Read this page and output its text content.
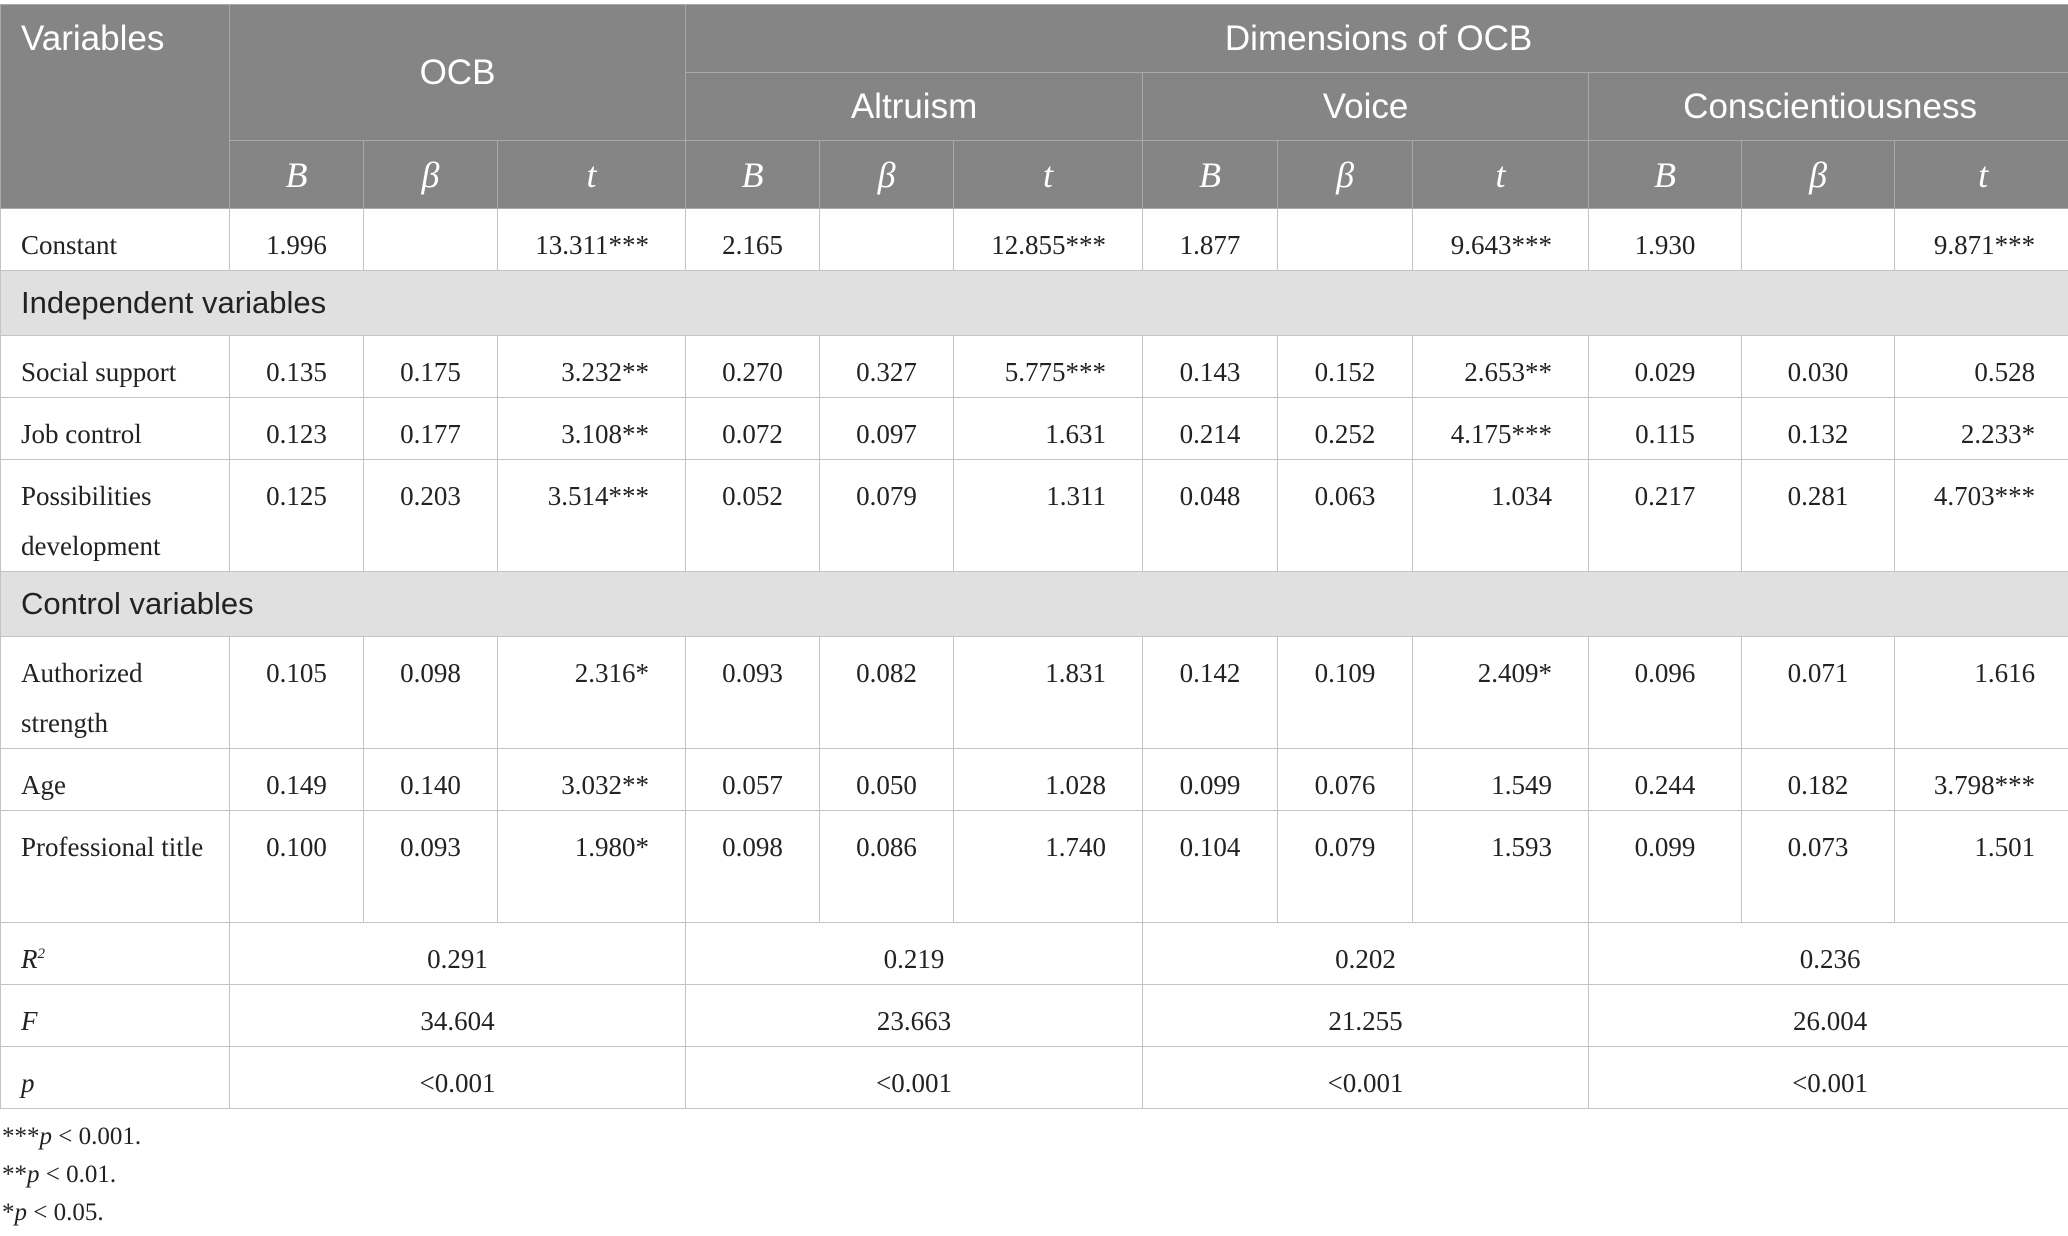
Variables	OCB			Dimensions of OCB								
				Altruism			Voice			Conscientiousness		
	B	β	t	B	β	t	B	β	t	B	β	t
Constant	1.996		13.311***	2.165		12.855***	1.877		9.643***	1.930		9.871***
Independent variables												
Social support	0.135	0.175	3.232**	0.270	0.327	5.775***	0.143	0.152	2.653**	0.029	0.030	0.528
Job control	0.123	0.177	3.108**	0.072	0.097	1.631	0.214	0.252	4.175***	0.115	0.132	2.233*
Possibilities development	0.125	0.203	3.514***	0.052	0.079	1.311	0.048	0.063	1.034	0.217	0.281	4.703***
Control variables												
Authorized strength	0.105	0.098	2.316*	0.093	0.082	1.831	0.142	0.109	2.409*	0.096	0.071	1.616
Age	0.149	0.140	3.032**	0.057	0.050	1.028	0.099	0.076	1.549	0.244	0.182	3.798***
Professional title	0.100	0.093	1.980*	0.098	0.086	1.740	0.104	0.079	1.593	0.099	0.073	1.501
$R^2$	0.291			0.219			0.202			0.236		
F	34.604			23.663			21.255			26.004		
p	<0.001			<0.001			<0.001			<0.001		
***p < 0.001.
**p < 0.01.
*p < 0.05.
